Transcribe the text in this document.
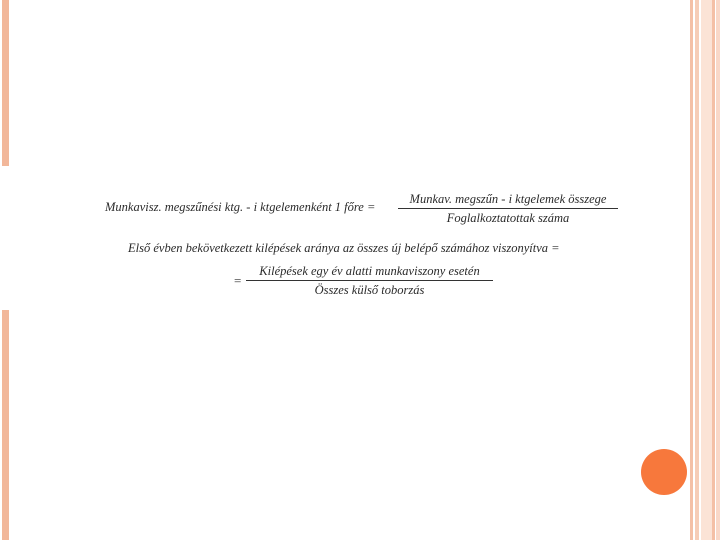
Munkavisz. megszűnési ktg. - i ktgelemenként 1 főre =
Munkav. megszűn - i ktgelemek összege
Foglalkoztatottak száma
Első évben bekövetkezett kilépések aránya az összes új belépő számához viszonyítva =
=
Kilépések egy év alatti munkaviszony esetén
Összes külső toborzás
